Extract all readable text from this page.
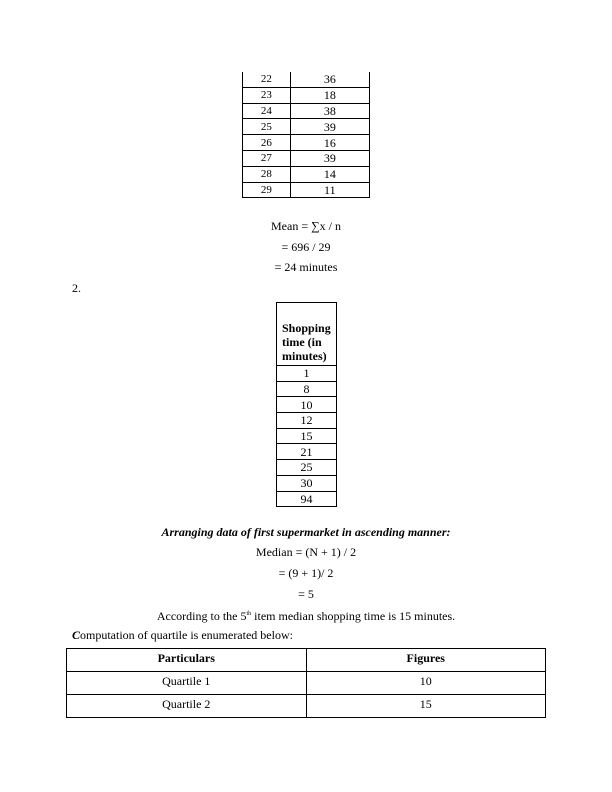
22	36
23	18
24	38
25	39
26	16
27	39
28	14
29	11
Mean = ∑x / n
= 696 / 29
= 24 minutes
2.
Shopping time (in minutes)
1
8
10
12
15
21
25
30
94
Arranging data of first supermarket in ascending manner:
Median = (N + 1) / 2
= (9 + 1)/ 2
= 5
According to the 5th item median shopping time is 15 minutes.
Computation of quartile is enumerated below:
Particulars	Figures
Quartile 1	10
Quartile 2	15
